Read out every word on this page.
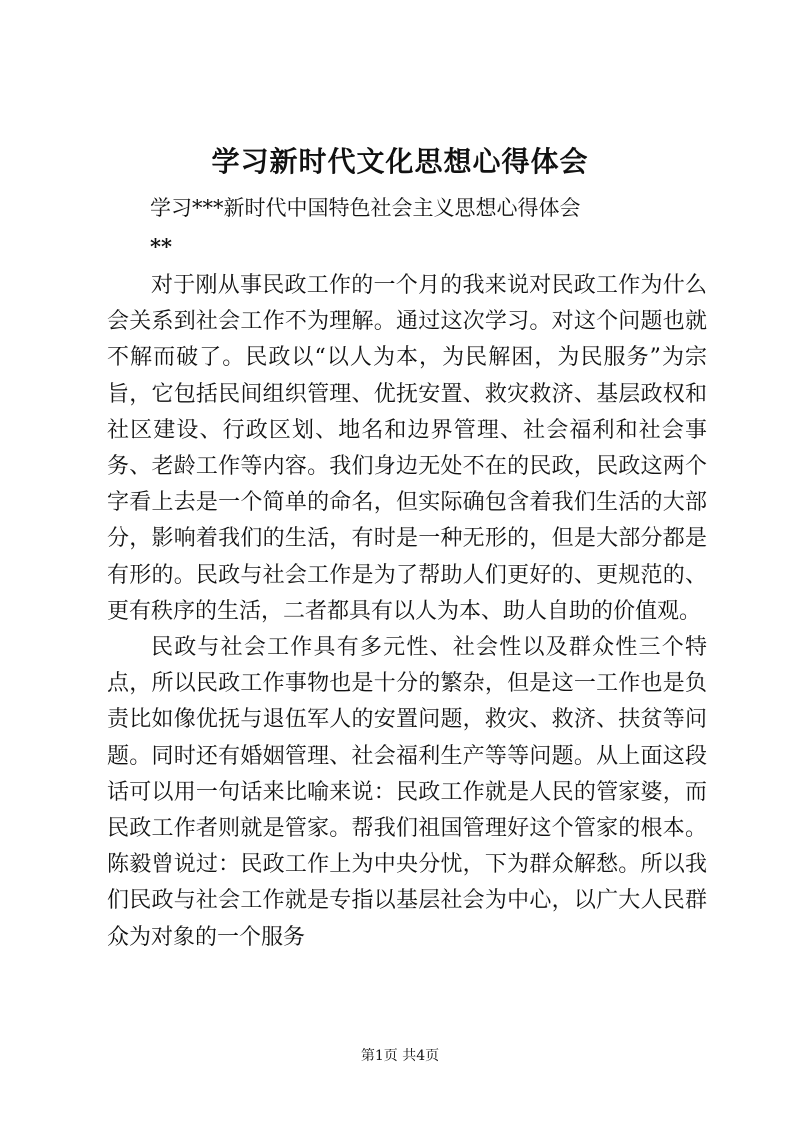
学习新时代文化思想心得体会
学习***新时代中国特色社会主义思想心得体会
**

对于刚从事民政工作的一个月的我来说对民政工作为什么会关系到社会工作不为理解。通过这次学习。对这个问题也就不解而破了。民政以“以人为本，为民解困，为民服务”为宗旨，它包括民间组织管理、优抚安置、救灾救济、基层政权和社区建设、行政区划、地名和边界管理、社会福利和社会事务、老龄工作等内容。我们身边无处不在的民政，民政这两个字看上去是一个简单的命名，但实际确包含着我们生活的大部分，影响着我们的生活，有时是一种无形的，但是大部分都是有形的。民政与社会工作是为了帮助人们更好的、更规范的、更有秩序的生活，二者都具有以人为本、助人自助的价值观。

民政与社会工作具有多元性、社会性以及群众性三个特点，所以民政工作事物也是十分的繁杂，但是这一工作也是负责比如像优抚与退伍军人的安置问题，救灾、救济、扶贫等问题。同时还有婚姻管理、社会福利生产等等问题。从上面这段话可以用一句话来比喻来说：民政工作就是人民的管家婆，而民政工作者则就是管家。帮我们祖国管理好这个管家的根本。陈毅曾说过：民政工作上为中央分忧，下为群众解愁。所以我们民政与社会工作就是专指以基层社会为中心，以广大人民群众为对象的一个服务

第1页 共4页
